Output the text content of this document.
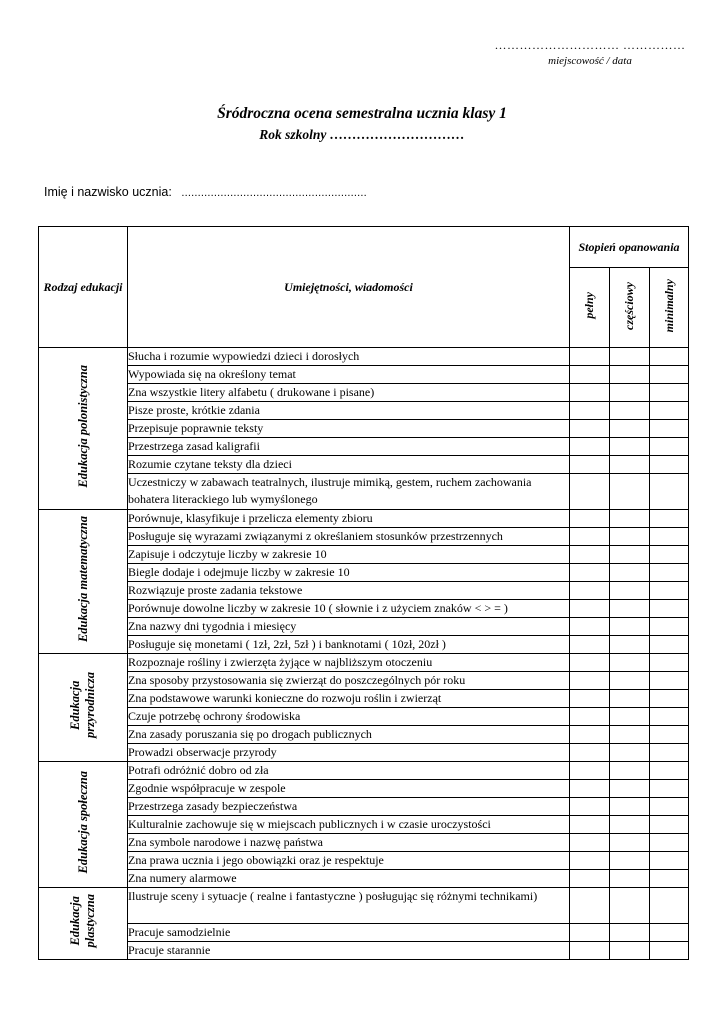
………………………… ……………
miejscowość / data
Śródroczna ocena semestralna ucznia klasy 1
Rok szkolny …………………………
Imię i nazwisko ucznia: .........................................................
Rodzaj edukacji	Umiejętności, wiadomości	Stopień opanowania		
		pełny	częściowy	minimalny
Edukacja polonistyczna	Słucha i rozumie wypowiedzi dzieci i dorosłych			
	Wypowiada się na określony temat			
	Zna wszystkie litery alfabetu ( drukowane i pisane)			
	Pisze proste, krótkie zdania			
	Przepisuje poprawnie teksty			
	Przestrzega zasad kaligrafii			
	Rozumie czytane teksty dla dzieci			
	Uczestniczy w zabawach teatralnych, ilustruje mimiką, gestem, ruchem zachowania bohatera literackiego lub wymyślonego			
Edukacja matematyczna	Porównuje, klasyfikuje i przelicza elementy zbioru			
	Posługuje się wyrazami związanymi z określaniem stosunków przestrzennych			
	Zapisuje i odczytuje liczby w zakresie 10			
	Biegle dodaje i odejmuje liczby w zakresie 10			
	Rozwiązuje proste zadania tekstowe			
	Porównuje dowolne liczby w zakresie 10 ( słownie i z użyciem znaków < > = )			
	Zna nazwy dni tygodnia i miesięcy			
	Posługuje się monetami ( 1zł, 2zł, 5zł ) i banknotami ( 10zł, 20zł )			
Edukacja
przyrodnicza	Rozpoznaje rośliny i zwierzęta żyjące w najbliższym otoczeniu			
	Zna sposoby przystosowania się zwierząt do poszczególnych pór roku			
	Zna podstawowe warunki konieczne do rozwoju roślin i zwierząt			
	Czuje potrzebę ochrony środowiska			
	Zna zasady poruszania się po drogach publicznych			
	Prowadzi obserwacje przyrody			
Edukacja społeczna	Potrafi odróżnić dobro od zła			
	Zgodnie współpracuje w zespole			
	Przestrzega zasady bezpieczeństwa			
	Kulturalnie zachowuje się w miejscach publicznych i w czasie uroczystości			
	Zna symbole narodowe i nazwę państwa			
	Zna prawa ucznia i jego obowiązki oraz je respektuje			
	Zna numery alarmowe			
Edukacja
plastyczna	Ilustruje sceny i sytuacje ( realne i fantastyczne ) posługując się różnymi technikami)			
	Pracuje samodzielnie			
	Pracuje starannie			
